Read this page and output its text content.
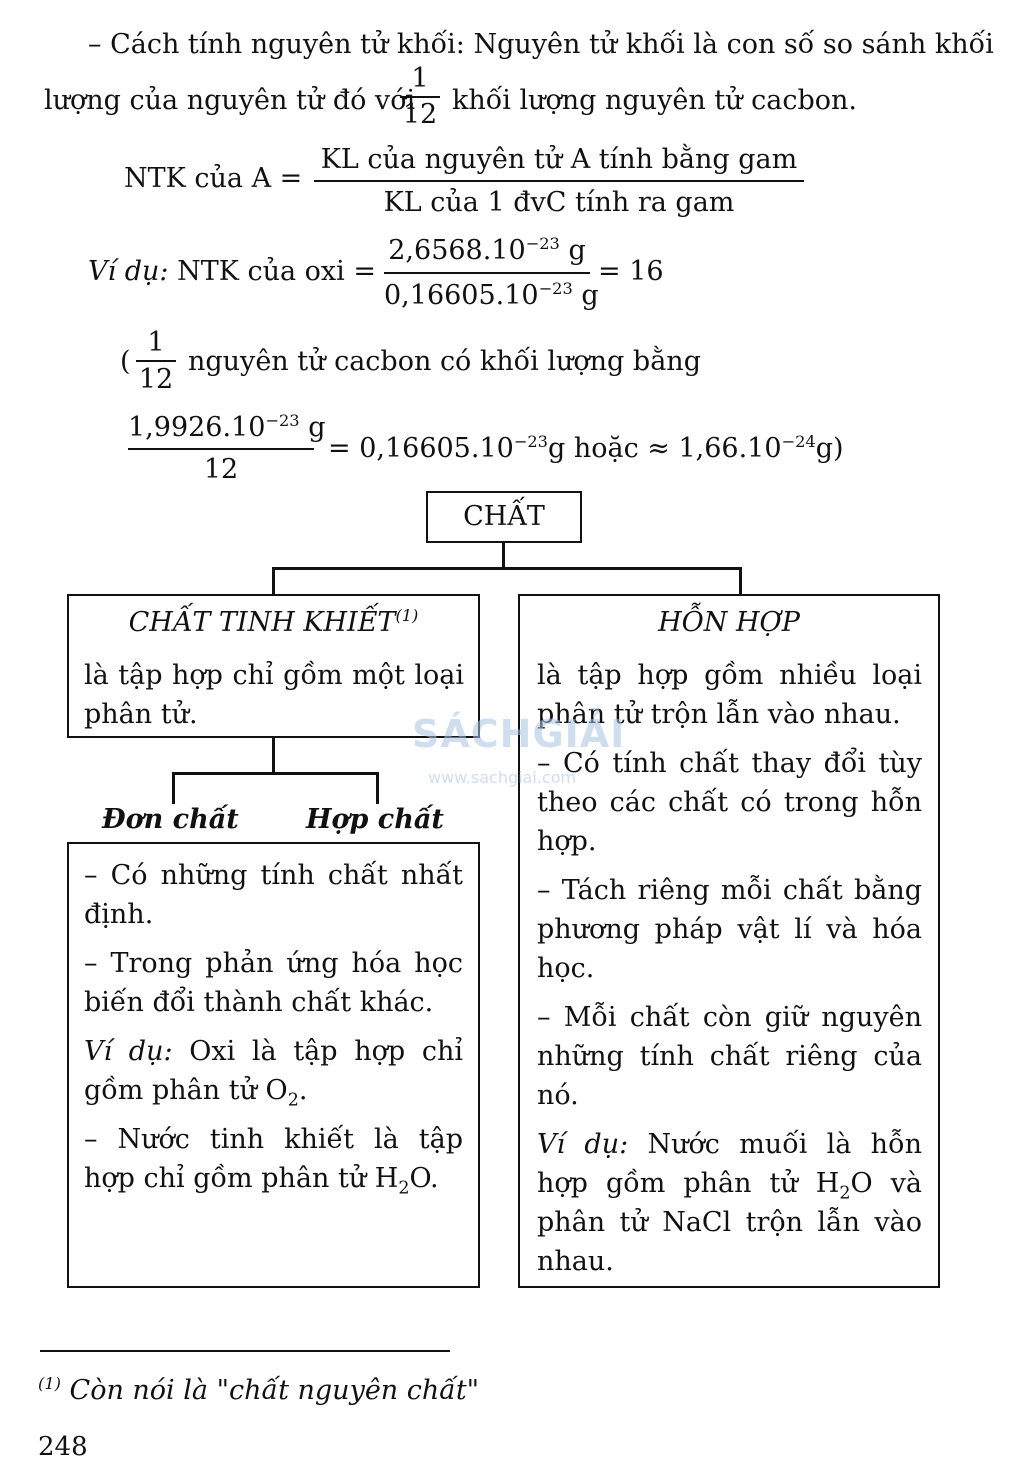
– Cách tính nguyên tử khối: Nguyên tử khối là con số so sánh khối
lượng của nguyên tử đó với
1
12 khối lượng nguyên tử cacbon.
NTK của A =
KL của nguyên tử A tính bằng gam
KL của 1 đvC tính ra gam
Ví dụ: NTK của oxi =
$2,6568.10^{-23}$ g
$0,16605.10^{-23}$ g
= 16
(
1
12
nguyên tử cacbon có khối lượng bằng
$1,9926.10^{-23}$ g
12
= $0,16605.10^{-23}g$ hoặc ≈ $1,66.10^{-24}g$)
CHẤT
CHẤT TINH KHIẾT$^{(1)}$
là tập hợp chỉ gồm một loại phân tử.
Đơn chất Hợp chất

– Có những tính chất nhất định.

– Trong phản ứng hóa học biến đổi thành chất khác.

Ví dụ: Oxi là tập hợp chỉ gồm phân tử $O_2$.

– Nước tinh khiết là tập hợp chỉ gồm phân tử $H_2O$.

HỖN HỢP

là tập hợp gồm nhiều loại phân tử trộn lẫn vào nhau.

– Có tính chất thay đổi tùy theo các chất có trong hỗn hợp.

– Tách riêng mỗi chất bằng phương pháp vật lí và hóa học.

– Mỗi chất còn giữ nguyên những tính chất riêng của nó.

Ví dụ: Nước muối là hỗn hợp gồm phân tử $H_2O$ và phân tử NaCl trộn lẫn vào nhau.

SÁCHGIẢI
www.sachgiai.com
$^{(1)}$ Còn nói là "chất nguyên chất"
248
